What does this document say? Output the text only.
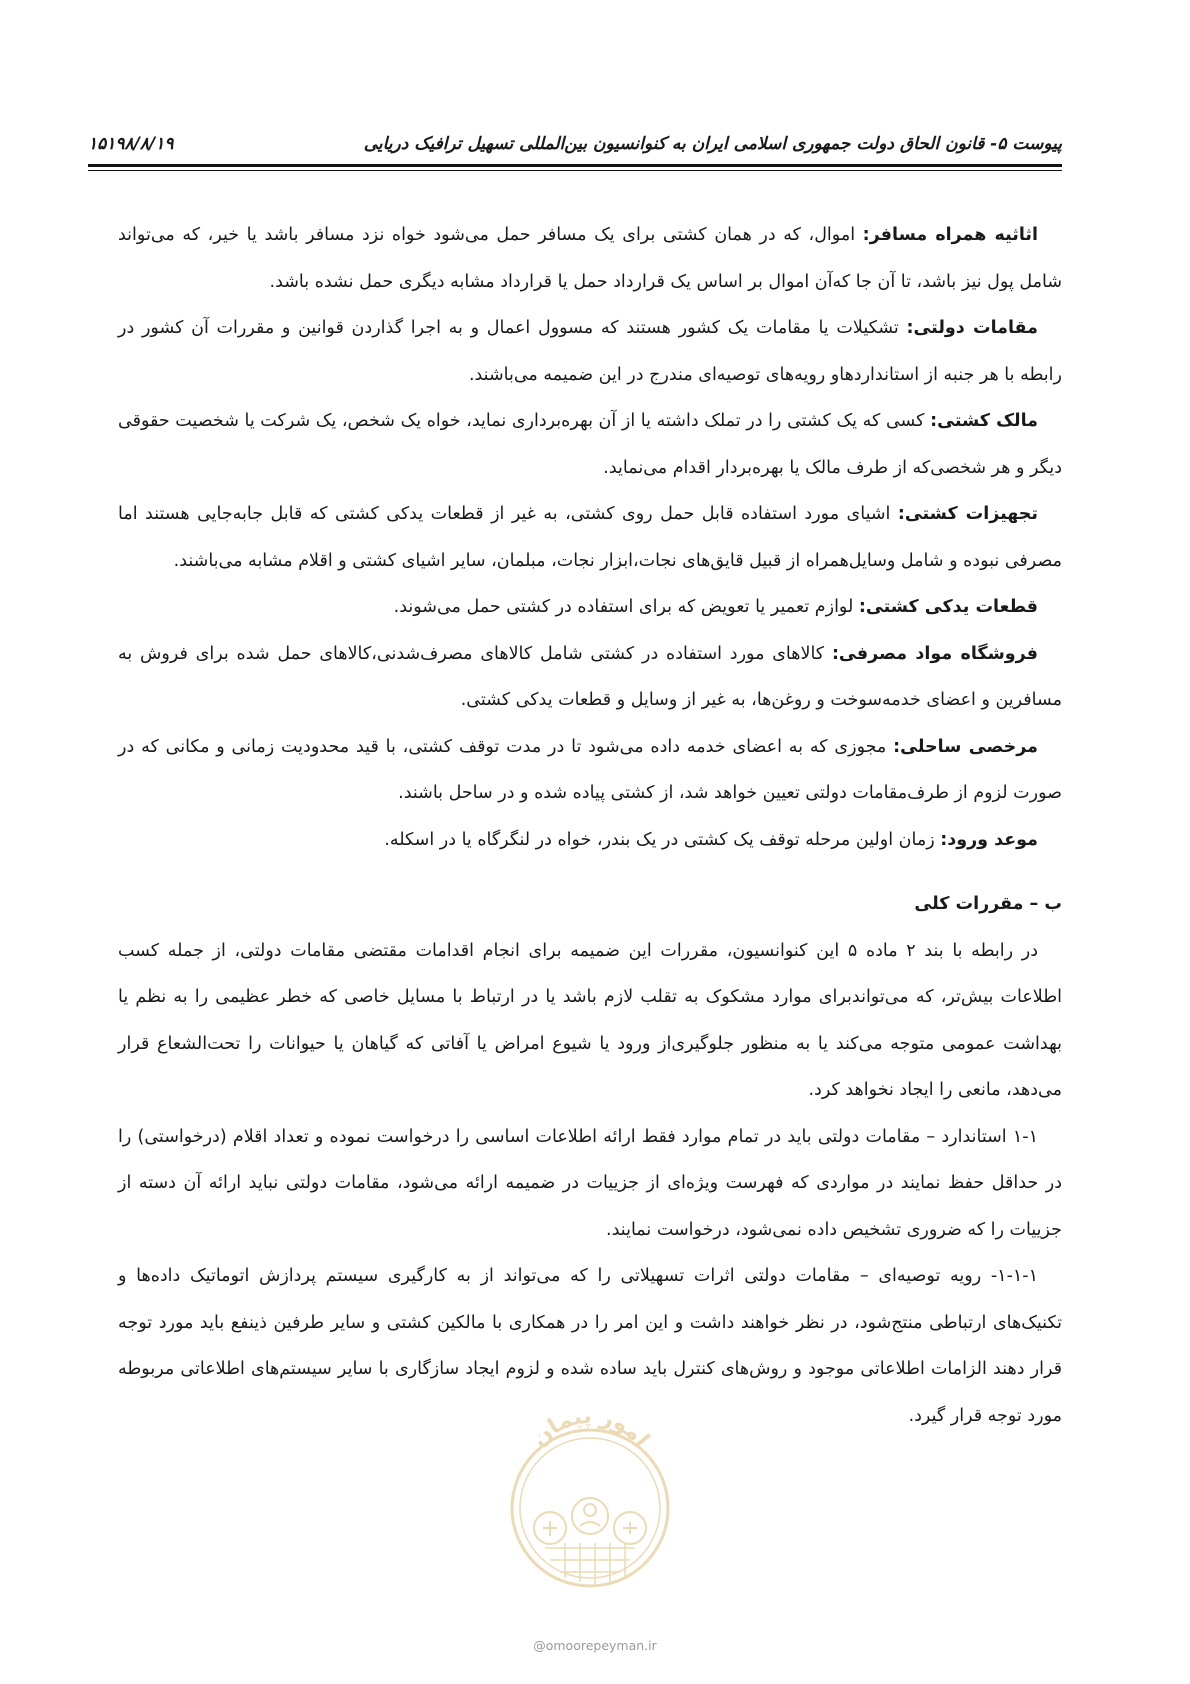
پیوست ۵- قانون الحاق دولت جمهوری اسلامی ایران به کنوانسیون بین‌المللی تسهیل ترافیک دریایی
۱۵۱۹۸/۸/۱۹

اثاثیه همراه مسافر: اموال، که در همان کشتی برای یک مسافر حمل می‌شود خواه نزد مسافر باشد یا خیر، که می‌تواند شامل پول نیز باشد، تا آن جا که‌آن اموال بر اساس یک قرارداد حمل یا قرارداد مشابه دیگری حمل نشده باشد.

مقامات دولتی: تشکیلات یا مقامات یک کشور هستند که مسوول اعمال و به اجرا گذاردن قوانین و مقررات آن کشور در رابطه با هر جنبه از استانداردهاو رویه‌های توصیه‌ای مندرج در این ضمیمه می‌باشند.

مالک کشتی: کسی که یک کشتی را در تملک داشته یا از آن بهره‌برداری نماید، خواه یک شخص، یک شرکت یا شخصیت حقوقی دیگر و هر شخصی‌که از طرف مالک یا بهره‌بردار اقدام می‌نماید.

تجهیزات کشتی: اشیای مورد استفاده قابل حمل روی کشتی، به غیر از قطعات یدکی کشتی که قابل جابه‌جایی هستند اما مصرفی نبوده و شامل وسایل‌همراه از قبیل قایق‌های نجات،ابزار نجات، مبلمان، سایر اشیای کشتی و اقلام مشابه می‌باشند.

قطعات یدکی کشتی: لوازم تعمیر یا تعویض که برای استفاده در کشتی حمل می‌شوند.

فروشگاه مواد مصرفی: کالاهای مورد استفاده در کشتی شامل کالاهای مصرف‌شدنی،کالاهای حمل شده برای فروش به مسافرین و اعضای خدمه‌سوخت و روغن‌ها، به غیر از وسایل و قطعات یدکی کشتی.

مرخصی ساحلی: مجوزی که به اعضای خدمه داده می‌شود تا در مدت توقف کشتی، با قید محدودیت زمانی و مکانی که در صورت لزوم از طرف‌مقامات دولتی تعیین خواهد شد، از کشتی پیاده شده و در ساحل باشند.

موعد ورود: زمان اولین مرحله توقف یک کشتی در یک بندر، خواه در لنگرگاه یا در اسکله.

ب – مقررات کلی

در رابطه با بند ۲ ماده ۵ این کنوانسیون، مقررات این ضمیمه برای انجام اقدامات مقتضی مقامات دولتی، از جمله کسب اطلاعات بیش‌تر، که می‌تواندبرای موارد مشکوک به تقلب لازم باشد یا در ارتباط با مسایل خاصی که خطر عظیمی را به نظم یا بهداشت عمومی متوجه می‌کند یا به منظور جلوگیری‌از ورود یا شیوع امراض یا آفاتی که گیاهان یا حیوانات را تحت‌الشعاع قرار می‌دهد، مانعی را ایجاد نخواهد کرد.

۱-۱ استاندارد – مقامات دولتی باید در تمام موارد فقط ارائه اطلاعات اساسی را درخواست نموده و تعداد اقلام (درخواستی) را در حداقل حفظ نمایند در مواردی که فهرست ویژه‌ای از جزییات در ضمیمه ارائه می‌شود، مقامات دولتی نباید ارائه آن دسته از جزییات را که ضروری تشخیص داده نمی‌شود، درخواست نمایند.

۱-۱-۱- رویه توصیه‌ای – مقامات دولتی اثرات تسهیلاتی را که می‌تواند از به کارگیری سیستم پردازش اتوماتیک داده‌ها و تکنیک‌های ارتباطی منتج‌شود، در نظر خواهند داشت و این امر را در همکاری با مالکین کشتی و سایر طرفین ذینفع باید مورد توجه قرار دهند الزامات اطلاعاتی موجود و روش‌های کنترل باید ساده شده و لزوم ایجاد سازگاری با سایر سیستم‌های اطلاعاتی مربوطه مورد توجه قرار گیرد.

امور پیمان
@omoorepeyman.ir
